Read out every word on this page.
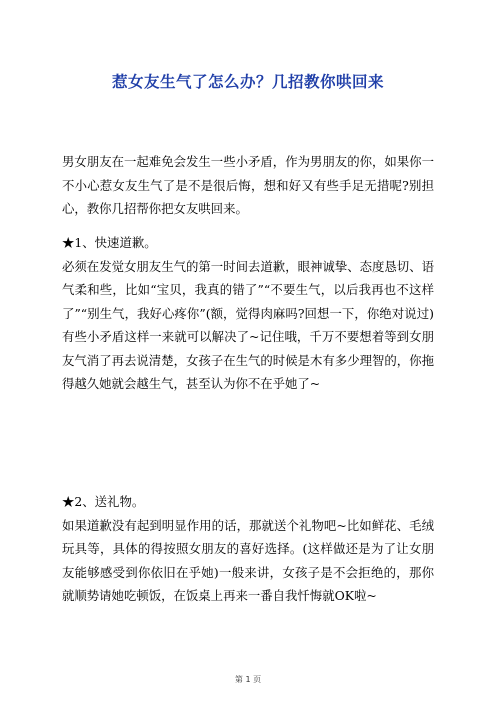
惹女友生气了怎么办？几招教你哄回来

男女朋友在一起难免会发生一些小矛盾，作为男朋友的你，如果你一不小心惹女友生气了是不是很后悔，想和好又有些手足无措呢?别担心，教你几招帮你把女友哄回来。

★1、快速道歉。

必须在发觉女朋友生气的第一时间去道歉，眼神诚挚、态度恳切、语气柔和些，比如“宝贝，我真的错了”“不要生气，以后我再也不这样了”“别生气，我好心疼你”(额，觉得肉麻吗?回想一下，你绝对说过)有些小矛盾这样一来就可以解决了~记住哦，千万不要想着等到女朋友气消了再去说清楚，女孩子在生气的时候是木有多少理智的，你拖得越久她就会越生气，甚至认为你不在乎她了~

★2、送礼物。

如果道歉没有起到明显作用的话，那就送个礼物吧~比如鲜花、毛绒玩具等，具体的得按照女朋友的喜好选择。(这样做还是为了让女朋友能够感受到你依旧在乎她)一般来讲，女孩子是不会拒绝的，那你就顺势请她吃顿饭，在饭桌上再来一番自我忏悔就OK啦~

第 1 页
